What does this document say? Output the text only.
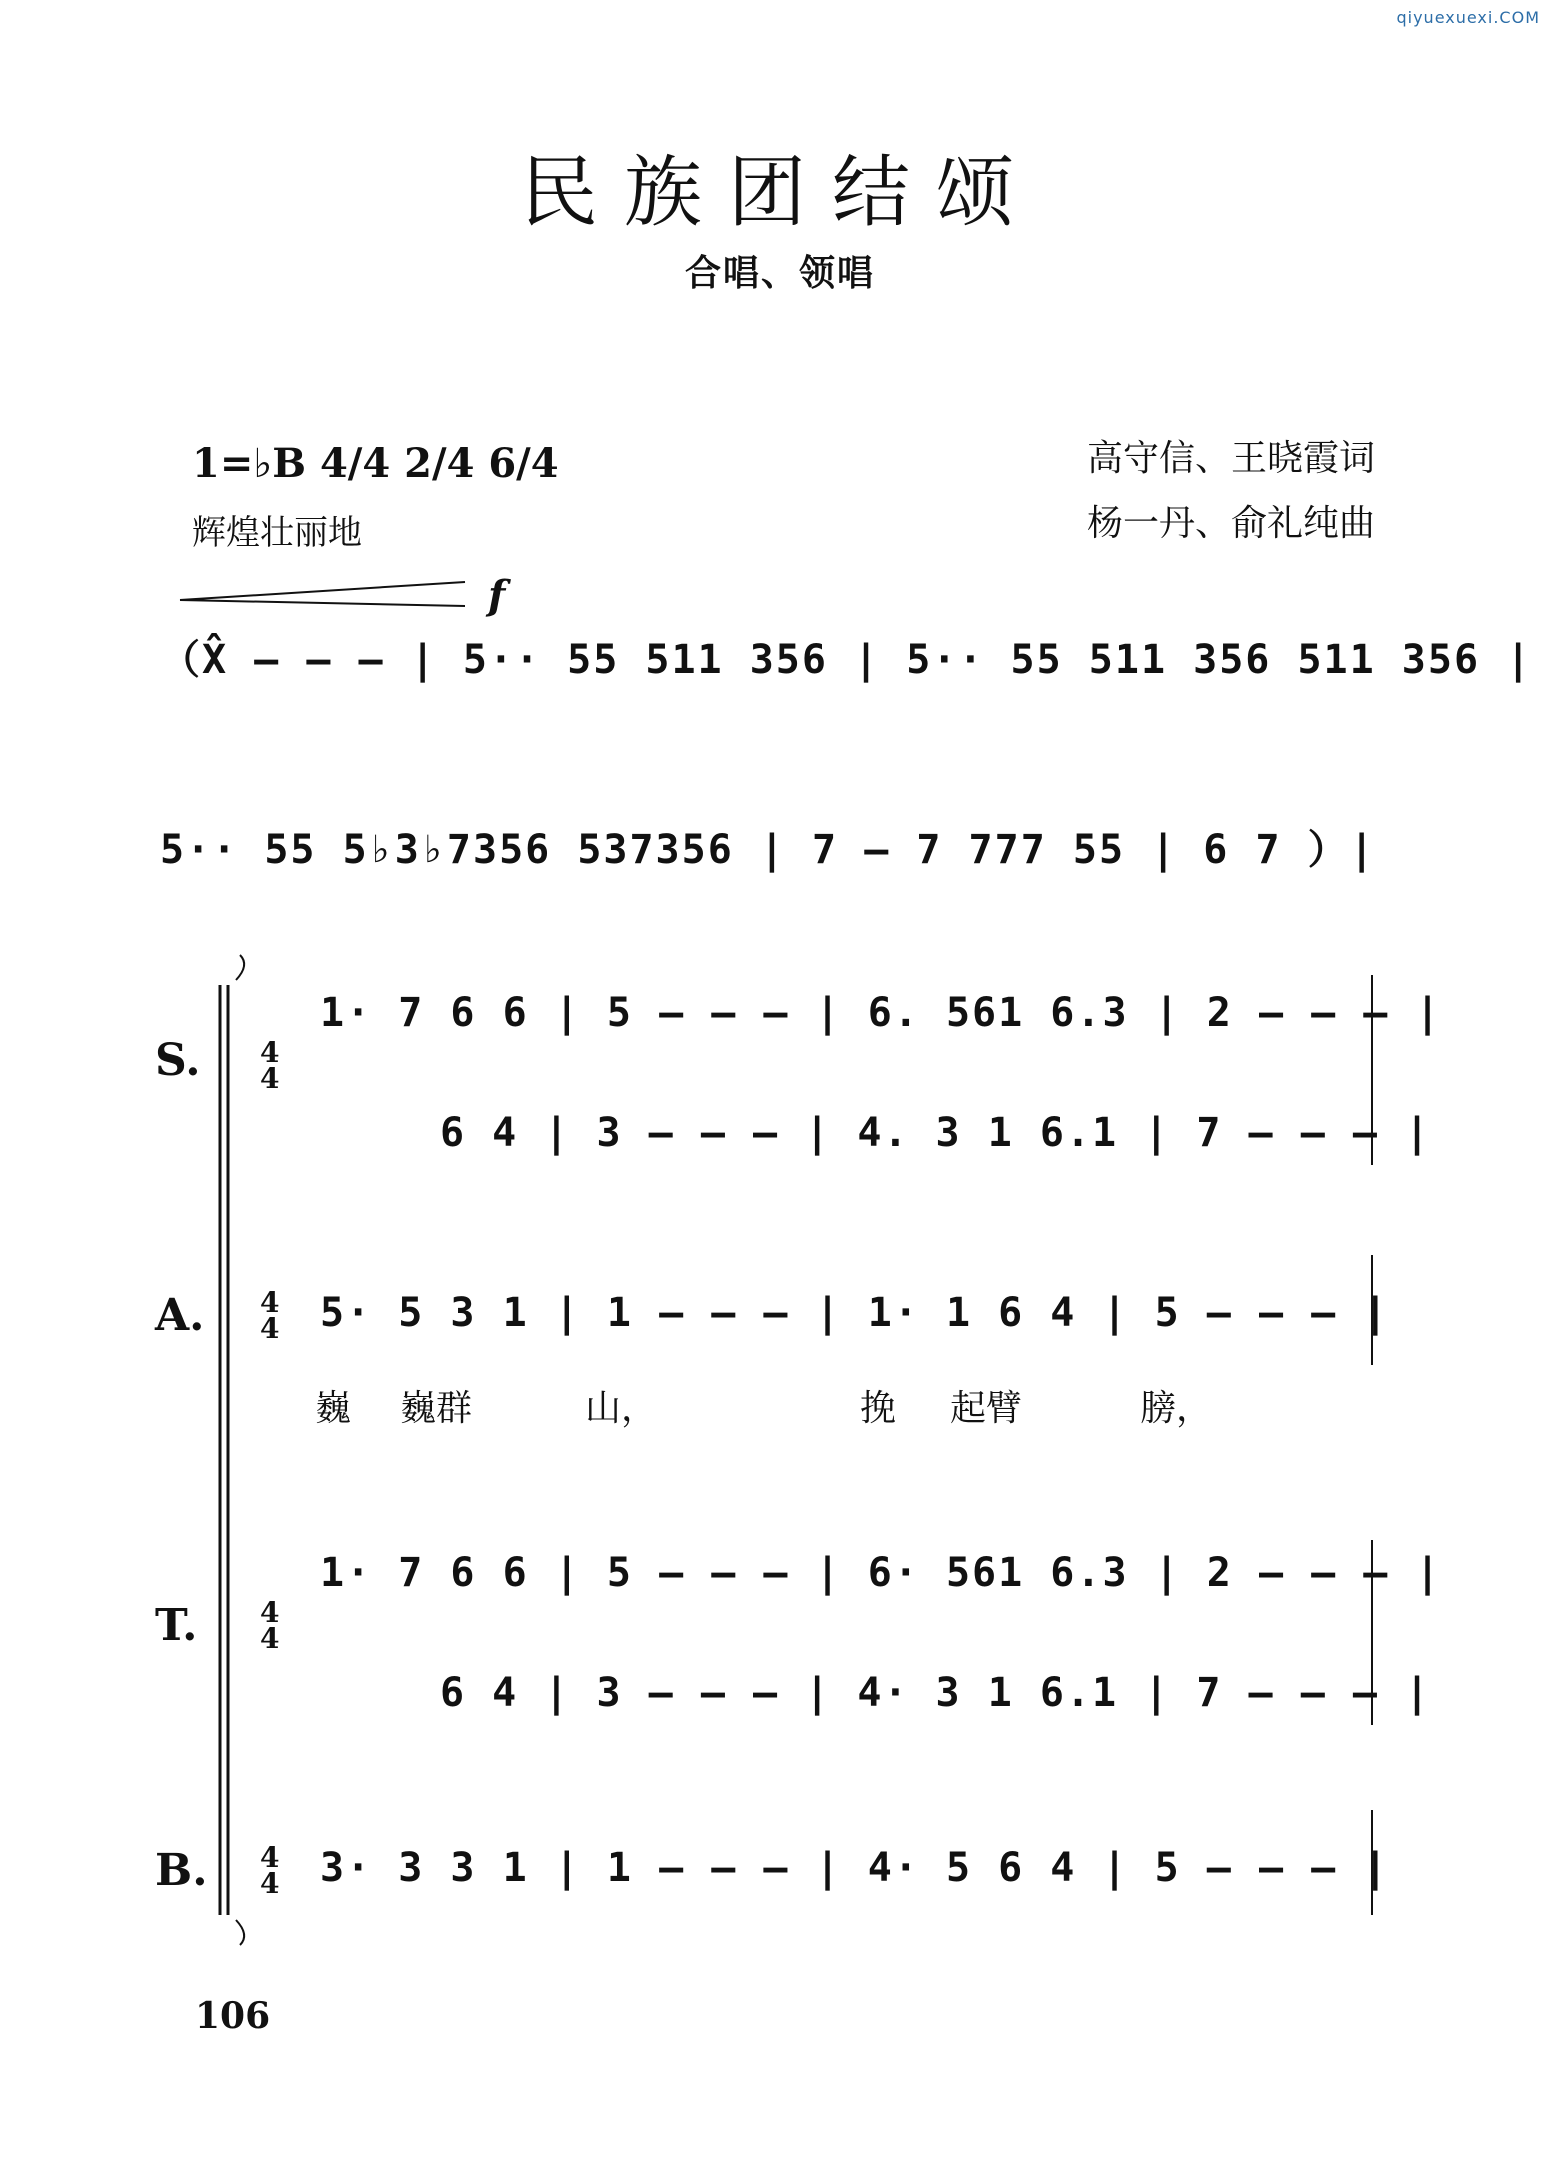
qiyuexuexi.COM
民族团结颂
合唱、领唱
1=♭B 4/4 2/4 6/4
辉煌壮丽地
高守信、王晓霞词
杨一丹、俞礼纯曲
f
（X̂ – – – | 5·· 55 511 356 | 5·· 55 511 356 511 356 |
5·· 55 5♭3♭7356 537356 | 7 – 7 777 55 | 6 7 ）|
S. 4
4
1· 7 6 6 | 5 – – – | 6. 561 6.3 | 2 – – – |
6 4 | 3 – – – | 4. 3 1 6.1 | 7 – – – |
A. 4
4 5· 5 3 1 | 1 – – – | 1· 1 6 4 | 5 – – – |
巍 巍群	山，	挽 起臂	膀，
T. 4
4
1· 7 6 6 | 5 – – – | 6· 561 6.3 | 2 – – – |
6 4 | 3 – – – | 4· 3 1 6.1 | 7 – – – |
B. 4
4 3· 3 3 1 | 1 – – – | 4· 5 6 4 | 5 – – – |
106
